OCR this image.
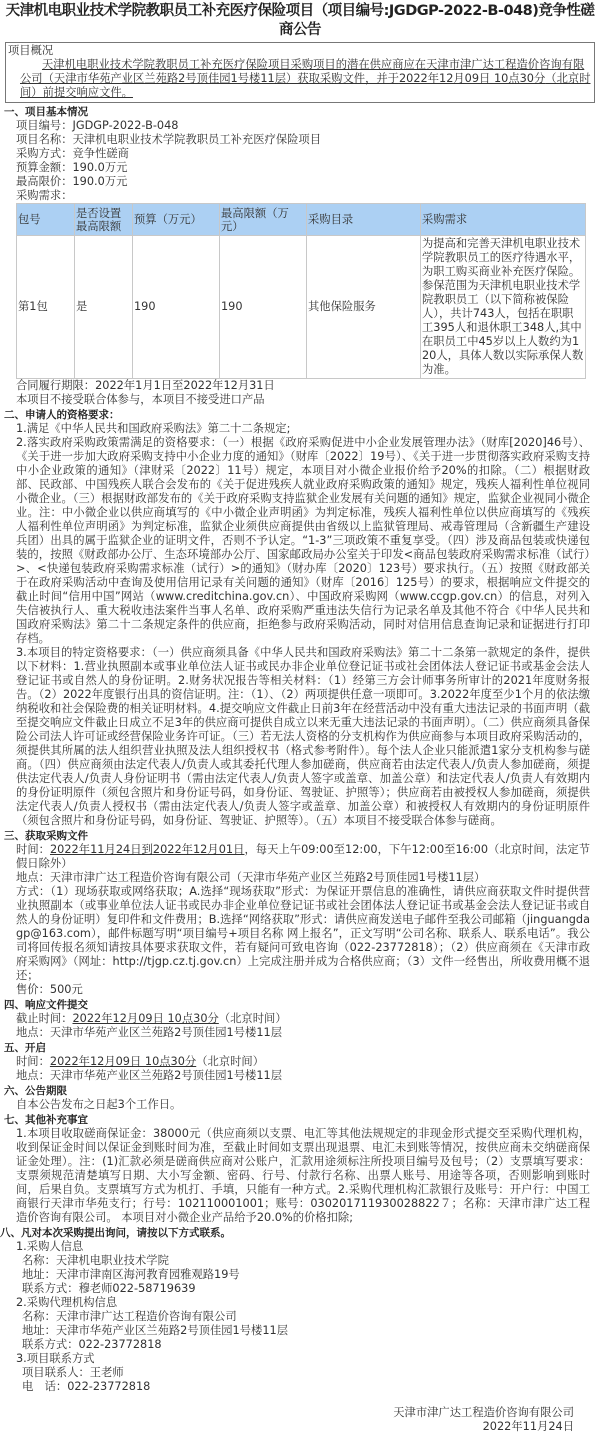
天津机电职业技术学院教职员工补充医疗保险项目（项目编号:JGDGP-2022-B-048)竞争性磋商公告
项目概况
天津机电职业技术学院教职员工补充医疗保险项目采购项目的潜在供应商应在天津市津广达工程造价咨询有限公司（天津市华苑产业区兰苑路2号顶佳园1号楼11层）获取采购文件，并于2022年12月09日 10点30分（北京时间）前提交响应文件。
一、项目基本情况
项目编号：JGDGP-2022-B-048
项目名称：天津机电职业技术学院教职员工补充医疗保险项目
采购方式：竞争性磋商
预算金额：190.0万元
最高限价：190.0万元
采购需求：
包号	是否设置最高限额	预算（万元）	最高限额（万元）	采购目录	采购需求
第1包	是	190	190	其他保险服务	为提高和完善天津机电职业技术学院教职员工的医疗待遇水平，为职工购买商业补充医疗保险。参保范围为天津机电职业技术学院教职员工（以下简称被保险人），共计743人，包括在职职工395人和退休职工348人,其中在职员工中45岁以上人数约为120人，具体人数以实际承保人数为准。
合同履行期限：2022年1月1日至2022年12月31日
本项目不接受联合体参与，本项目不接受进口产品
二、申请人的资格要求：
1.满足《中华人民共和国政府采购法》第二十二条规定;
2.落实政府采购政策需满足的资格要求：（一）根据《政府采购促进中小企业发展管理办法》（财库[2020]46号）、《关于进一步加大政府采购支持中小企业力度的通知》（财库〔2022〕19号）、《关于进一步贯彻落实政府采购支持中小企业政策的通知》（津财采〔2022〕11号）规定，本项目对小微企业报价给予20%的扣除。（二）根据财政部、民政部、中国残疾人联合会发布的《关于促进残疾人就业政府采购政策的通知》规定，残疾人福利性单位视同小微企业。（三）根据财政部发布的《关于政府采购支持监狱企业发展有关问题的通知》规定，监狱企业视同小微企业。注：中小微企业以供应商填写的《中小微企业声明函》为判定标准，残疾人福利性单位以供应商填写的《残疾人福利性单位声明函》为判定标准，监狱企业须供应商提供由省级以上监狱管理局、戒毒管理局（含新疆生产建设兵团）出具的属于监狱企业的证明文件，否则不予认定。“1-3”三项政策不重复享受。（四）涉及商品包装或快递包装的，按照《财政部办公厅、生态环境部办公厅、国家邮政局办公室关于印发<商品包装政府采购需求标准（试行）>、<快递包装政府采购需求标准（试行）>的通知》（财办库〔2020〕123号）要求执行。（五）按照《财政部关于在政府采购活动中查询及使用信用记录有关问题的通知》（财库〔2016〕125号）的要求，根据响应文件提交的截止时间“信用中国”网站（www.creditchina.gov.cn）、中国政府采购网（www.ccgp.gov.cn）的信息，对列入失信被执行人、重大税收违法案件当事人名单、政府采购严重违法失信行为记录名单及其他不符合《中华人民共和国政府采购法》第二十二条规定条件的供应商，拒绝参与政府采购活动，同时对信用信息查询记录和证据进行打印存档。
3.本项目的特定资格要求：（一）供应商须具备《中华人民共和国政府采购法》第二十二条第一款规定的条件，提供以下材料：1.营业执照副本或事业单位法人证书或民办非企业单位登记证书或社会团体法人登记证书或基金会法人登记证书或自然人的身份证明。2.财务状况报告等相关材料：（1）经第三方会计师事务所审计的2021年度财务报告。（2）2022年度银行出具的资信证明。注：（1）、（2）两项提供任意一项即可。3.2022年度至少1个月的依法缴纳税收和社会保险费的相关证明材料。4.提交响应文件截止日前3年在经营活动中没有重大违法记录的书面声明（截至提交响应文件截止日成立不足3年的供应商可提供自成立以来无重大违法记录的书面声明）。（二）供应商须具备保险公司法人许可证或经营保险业务许可证。（三）若无法人资格的分支机构作为供应商参与本项目政府采购活动的，须提供其所属的法人组织营业执照及法人组织授权书（格式参考附件）。每个法人企业只能派遣1家分支机构参与磋商。（四）供应商须由法定代表人/负责人或其委托代理人参加磋商，供应商若由法定代表人/负责人参加磋商，须提供法定代表人/负责人身份证明书（需由法定代表人/负责人签字或盖章、加盖公章）和法定代表人/负责人有效期内的身份证明原件（须包含照片和身份证号码，如身份证、驾驶证、护照等）；供应商若由被授权人参加磋商，须提供法定代表人/负责人授权书（需由法定代表人/负责人签字或盖章、加盖公章）和被授权人有效期内的身份证明原件（须包含照片和身份证号码，如身份证、驾驶证、护照等）。（五）本项目不接受联合体参与磋商。
三、获取采购文件
时间：2022年11月24日到2022年12月01日，每天上午09:00至12:00，下午12:00至16:00（北京时间，法定节假日除外）
地点：天津市津广达工程造价咨询有限公司（天津市华苑产业区兰苑路2号顶佳园1号楼11层）
方式：（1）现场获取或网络获取；A.选择“现场获取”形式：为保证开票信息的准确性，请供应商获取文件时提供营业执照副本（或事业单位法人证书或民办非企业单位登记证书或社会团体法人登记证书或基金会法人登记证书或自然人的身份证明）复印件和文件费用；B.选择“网络获取”形式：请供应商发送电子邮件至我公司邮箱（jinguangdagp@163.com），邮件标题写明“项目编号+项目名称 网上报名”，正文写明“公司名称、联系人、联系电话”。我公司将回传报名须知请按具体要求获取文件，若有疑问可致电咨询（022-23772818）；（2）供应商须在《天津市政府采购网》（网址：http://tjgp.cz.tj.gov.cn）上完成注册并成为合格供应商；（3）文件一经售出，所收费用概不退还；
售价：500元
四、响应文件提交
截止时间：2022年12月09日 10点30分（北京时间）
地点：天津市华苑产业区兰苑路2号顶佳园1号楼11层
五、开启
时间：2022年12月09日 10点30分（北京时间）
地点：天津市华苑产业区兰苑路2号顶佳园1号楼11层
六、公告期限
自本公告发布之日起3个工作日。
七、其他补充事宜
1.本项目收取磋商保证金：38000元（供应商须以支票、电汇等其他法规规定的非现金形式提交至采购代理机构，收到保证金时间以保证金到账时间为准，至截止时间如支票出现退票、电汇未到账等情况，按供应商未交纳磋商保证金处理）。注：(1)汇款必须是磋商供应商对公账户，汇款用途须标注所投项目编号及包号；（2）支票填写要求：支票须规范清楚填写日期、大小写金额、密码、行号、付款行名称、出票人账号、用途等各项，否则影响到账时间，后果自负。支票填写方式为机打、手填，只能有一种方式。2.采购代理机构汇款银行及账号：开户行：中国工商银行天津市华苑支行；行号：102110001001；账号：030201711930028822７；名称：天津市津广达工程造价咨询有限公司。 本项目对小微企业产品给予20.0%的价格扣除;
八、凡对本次采购提出询问，请按以下方式联系。
1.采购人信息
名称：天津机电职业技术学院
地址：天津市津南区海河教育园雅观路19号
联系方式：穆老师022-58719639
2.采购代理机构信息
名称：天津市津广达工程造价咨询有限公司
地址：天津市华苑产业区兰苑路2号顶佳园1号楼11层
联系方式：022-23772818
3.项目联系方式
项目联系人：王老师
电　话：022-23772818
天津市津广达工程造价咨询有限公司
2022年11月24日
